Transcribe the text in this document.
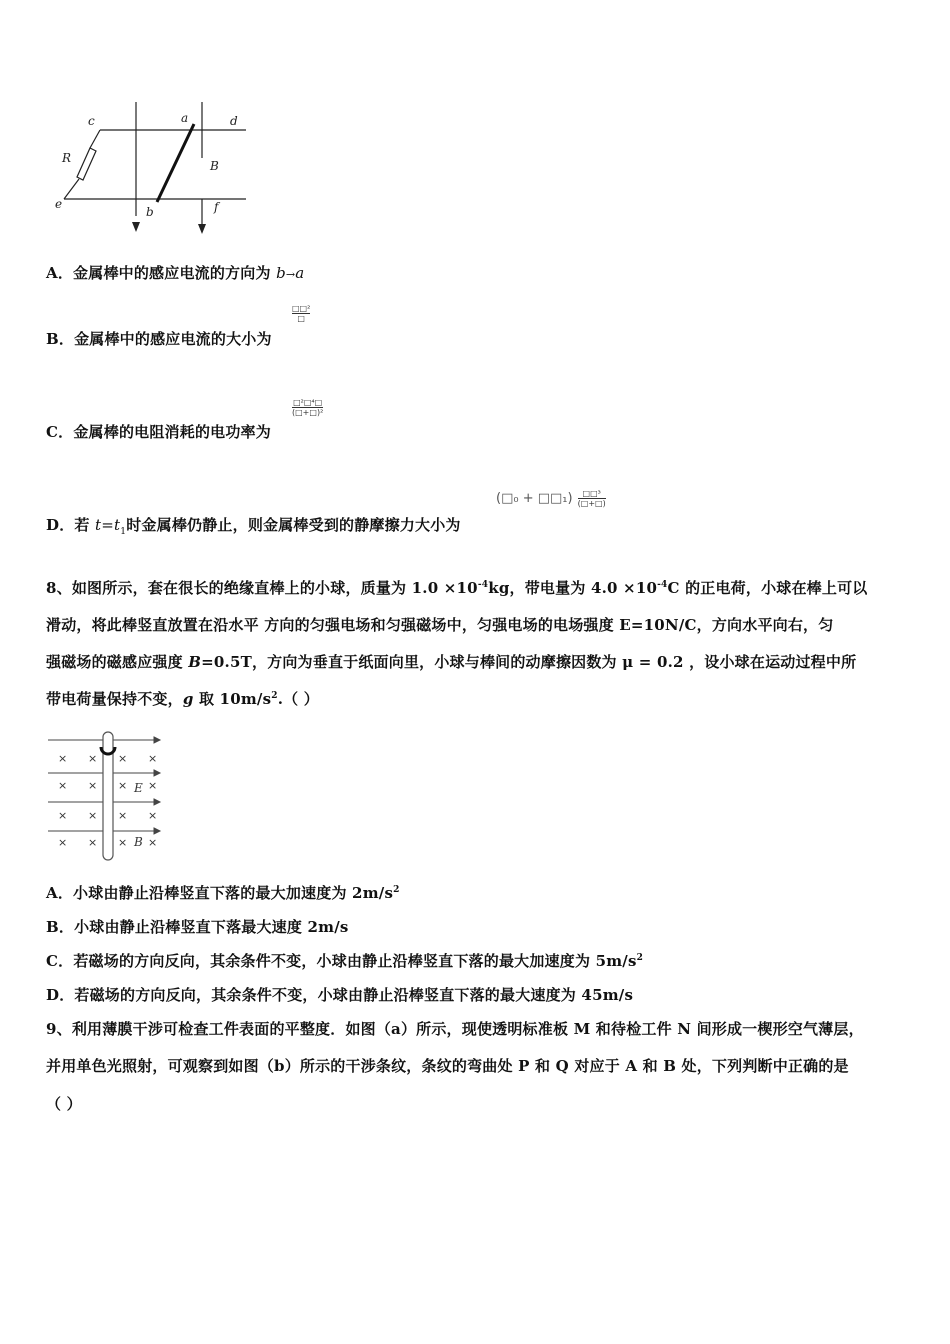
c	a	d
R
B
e
b	f
A．金属棒中的感应电流的方向为 b→a
B．金属棒中的感应电流的大小为
□□²
□
C．金属棒的电阻消耗的电功率为
□²□⁴□
(□+□)²
D．若 $t=t_1$时金属棒仍静止，则金属棒受到的静摩擦力大小为
(□₀ + □□₁) $\frac{\text{□□³}}{(□+□)}$
8、如图所示，套在很长的绝缘直棒上的小球，质量为 $1.0 \times 10^{-4}kg$，带电量为 $4.0 \times 10^{-4}C$ 的正电荷，小球在棒上可以
滑动，将此棒竖直放置在沿水平 方向的匀强电场和匀强磁场中，匀强电场的电场强度 E=10N/C，方向水平向右，匀
强磁场的磁感应强度 B=0.5T，方向为垂直于纸面向里，小球与棒间的动摩擦因数为 μ = 0.2 ，设小球在运动过程中所
带电荷量保持不变，g 取 $10m/s^2$.（ ）
× × × ×
× × × ×
× × × ×
× × × ×
E
B
A．小球由静止沿棒竖直下落的最大加速度为 $2m/s^2$
B．小球由静止沿棒竖直下落最大速度 2m/s
C．若磁场的方向反向，其余条件不变，小球由静止沿棒竖直下落的最大加速度为 $5m/s^2$
D．若磁场的方向反向，其余条件不变，小球由静止沿棒竖直下落的最大速度为 45m/s
9、利用薄膜干涉可检查工件表面的平整度．如图（a）所示，现使透明标准板 M 和待检工件 N 间形成一楔形空气薄层，
并用单色光照射，可观察到如图（b）所示的干涉条纹，条纹的弯曲处 P 和 Q 对应于 A 和 B 处，下列判断中正确的是
（ ）
